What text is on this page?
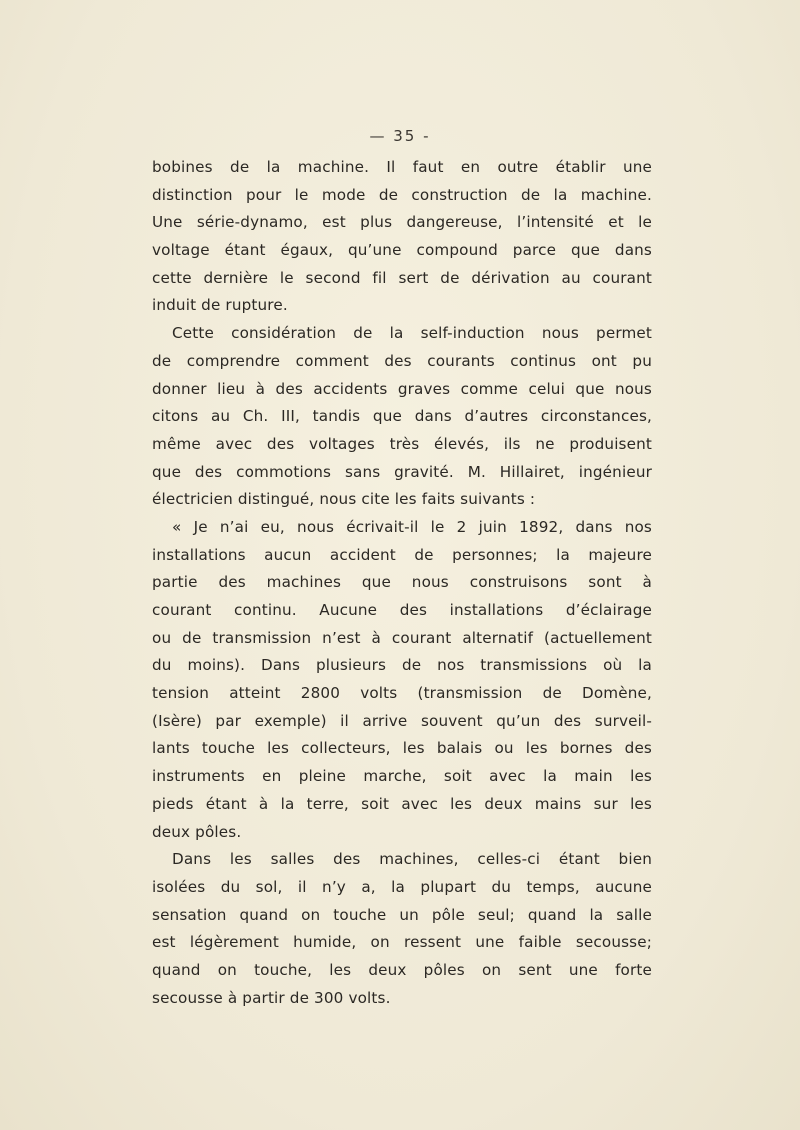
— 35 -
bobines de la machine. Il faut en outre établir une
distinction pour le mode de construction de la machine.
Une série-dynamo, est plus dangereuse, l’intensité et le
voltage étant égaux, qu’une compound parce que dans
cette dernière le second fil sert de dérivation au courant
induit de rupture.
Cette considération de la self-induction nous permet
de comprendre comment des courants continus ont pu
donner lieu à des accidents graves comme celui que nous
citons au Ch. III, tandis que dans d’autres circonstances,
même avec des voltages très élevés, ils ne produisent
que des commotions sans gravité. M. Hillairet, ingénieur
électricien distingué, nous cite les faits suivants :
« Je n’ai eu, nous écrivait-il le 2 juin 1892, dans nos
installations aucun accident de personnes; la majeure
partie des machines que nous construisons sont à
courant continu. Aucune des installations d’éclairage
ou de transmission n’est à courant alternatif (actuellement
du moins). Dans plusieurs de nos transmissions où la
tension atteint 2800 volts (transmission de Domène,
(Isère) par exemple) il arrive souvent qu’un des surveil-
lants touche les collecteurs, les balais ou les bornes des
instruments en pleine marche, soit avec la main les
pieds étant à la terre, soit avec les deux mains sur les
deux pôles.
Dans les salles des machines, celles-ci étant bien
isolées du sol, il n’y a, la plupart du temps, aucune
sensation quand on touche un pôle seul; quand la salle
est légèrement humide, on ressent une faible secousse;
quand on touche, les deux pôles on sent une forte
secousse à partir de 300 volts.
